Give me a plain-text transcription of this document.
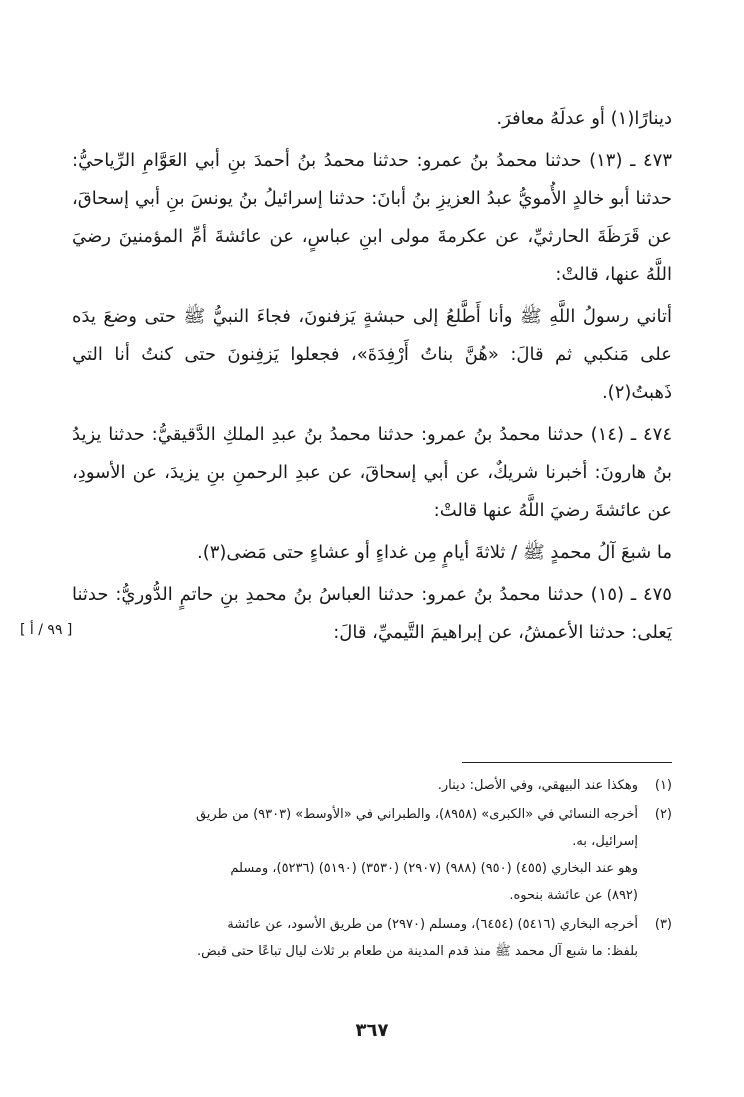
دينارًا(١) أو عدلَهُ معافرَ.

٤٧٣ ـ (١٣) حدثنا محمدُ بنُ عمرو: حدثنا محمدُ بنُ أحمدَ بنِ أبي العَوَّامِ الرِّياحيُّ: حدثنا أبو خالدٍ الأُمويُّ عبدُ العزيزِ بنُ أبانَ: حدثنا إسرائيلُ بنُ يونسَ بنِ أبي إسحاقَ، عن قَرَظَةَ الحارثيِّ، عن عكرمةَ مولى ابنِ عباسٍ، عن عائشةَ أمِّ المؤمنينَ رضيَ اللَّهُ عنها، قالتْ:

أتاني رسولُ اللَّهِ ﷺ وأنا أَطَّلعُ إلى حبشةٍ يَزفنونَ، فجاءَ النبيُّ ﷺ حتى وضعَ يدَه على مَنكبي ثم قالَ: «هُنَّ بناتُ أَرْفِدَةَ»، فجعلوا يَزفِنونَ حتى كنتُ أنا التي ذَهبتُ(٢).

٤٧٤ ـ (١٤) حدثنا محمدُ بنُ عمرو: حدثنا محمدُ بنُ عبدِ الملكِ الدَّقيقيُّ: حدثنا يزيدُ بنُ هارونَ: أخبرنا شريكٌ، عن أبي إسحاقَ، عن عبدِ الرحمنِ بنِ يزيدَ، عن الأسودِ، عن عائشةَ رضيَ اللَّهُ عنها قالتْ:

ما شبعَ آلُ محمدٍ ﷺ / ثلاثةَ أيامٍ مِن غداءٍ أو عشاءٍ حتى مَضى(٣).

٤٧٥ ـ (١٥) حدثنا محمدُ بنُ عمرو: حدثنا العباسُ بنُ محمدِ بنِ حاتمٍ الدُّوريُّ: حدثنا يَعلى: حدثنا الأعمشُ، عن إبراهيمَ التَّيميِّ، قالَ:

[ ٩٩ / أ ]
(١)
وهكذا عند البيهقي، وفي الأصل: دينار.
(٢)
أخرجه النسائي في «الكبرى» (٨٩٥٨)، والطبراني في «الأوسط» (٩٣٠٣) من طريق
إسرائيل، به.
وهو عند البخاري (٤٥٥) (٩٥٠) (٩٨٨) (٢٩٠٧) (٣٥٣٠) (٥١٩٠) (٥٢٣٦)، ومسلم
(٨٩٢) عن عائشة بنحوه.
(٣)
أخرجه البخاري (٥٤١٦) (٦٤٥٤)، ومسلم (٢٩٧٠) من طريق الأسود، عن عائشة
بلفظ: ما شبع آل محمد ﷺ منذ قدم المدينة من طعام بر ثلاث ليال تباعًا حتى قبض.
٣٦٧
